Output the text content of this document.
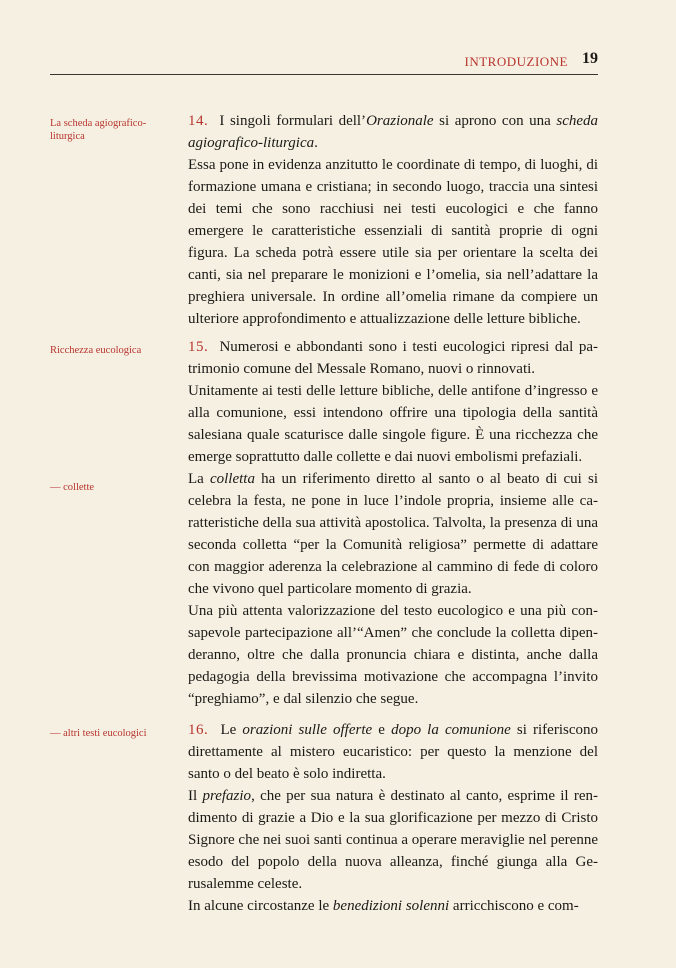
INTRODUZIONE 19
La scheda agiografico-liturgica
Ricchezza eucologica
— collette
— altri testi eucologici

14. I singoli formulari dell’Orazionale si aprono con una scheda agiografico-liturgica.

Essa pone in evidenza anzitutto le coordinate di tempo, di luoghi, di formazione umana e cristiana; in secondo luogo, traccia una sintesi dei temi che sono racchiusi nei testi eucologici e che fanno emergere le caratteristiche essenziali di santità proprie di ogni figura. La scheda potrà essere utile sia per orientare la scelta dei canti, sia nel preparare le monizioni e l’omelia, sia nell’adattare la preghiera universale. In ordine all’omelia rimane da compiere un ulteriore approfondimento e attualizzazione delle letture bibliche.

15. Numerosi e abbondanti sono i testi eucologici ripresi dal patrimonio comune del Messale Romano, nuovi o rinnovati.

Unitamente ai testi delle letture bibliche, delle antifone d’ingresso e alla comunione, essi intendono offrire una tipologia della santità salesiana quale scaturisce dalle singole figure. È una ricchezza che emerge soprattutto dalle collette e dai nuovi embolismi prefaziali.

La colletta ha un riferimento diretto al santo o al beato di cui si celebra la festa, ne pone in luce l’indole propria, insieme alle caratteristiche della sua attività apostolica. Talvolta, la presenza di una seconda colletta “per la Comunità religiosa” permette di adattare con maggior aderenza la celebrazione al cammino di fede di coloro che vivono quel particolare momento di grazia.

Una più attenta valorizzazione del testo eucologico e una più consapevole partecipazione all’“Amen” che conclude la colletta dipenderanno, oltre che dalla pronuncia chiara e distinta, anche dalla pedagogia della brevissima motivazione che accompagna l’invito “preghiamo”, e dal silenzio che segue.

16. Le orazioni sulle offerte e dopo la comunione si riferiscono direttamente al mistero eucaristico: per questo la menzione del santo o del beato è solo indiretta.

Il prefazio, che per sua natura è destinato al canto, esprime il rendimento di grazie a Dio e la sua glorificazione per mezzo di Cristo Signore che nei suoi santi continua a operare meraviglie nel perenne esodo del popolo della nuova alleanza, finché giunga alla Gerusalemme celeste.

In alcune circostanze le benedizioni solenni arricchiscono e com-
